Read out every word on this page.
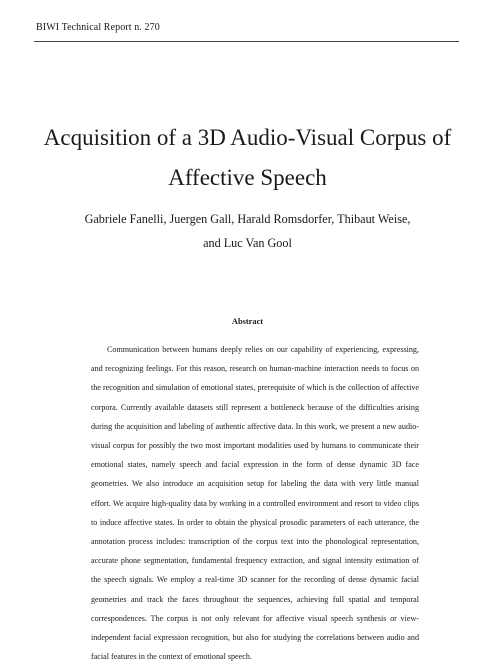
BIWI Technical Report n. 270
Acquisition of a 3D Audio-Visual Corpus of
Affective Speech
Gabriele Fanelli, Juergen Gall, Harald Romsdorfer, Thibaut Weise,
and Luc Van Gool
Abstract

Communication between humans deeply relies on our capability of experiencing, expressing, and recognizing feelings. For this reason, research on human-machine interaction needs to focus on the recognition and simulation of emotional states, prerequisite of which is the collection of affective corpora. Currently available datasets still represent a bottleneck because of the difficulties arising during the acquisition and labeling of authentic affective data. In this work, we present a new audio-visual corpus for possibly the two most important modalities used by humans to communicate their emotional states, namely speech and facial expression in the form of dense dynamic 3D face geometries. We also introduce an acquisition setup for labeling the data with very little manual effort. We acquire high-quality data by working in a controlled environment and resort to video clips to induce affective states. In order to obtain the physical prosodic parameters of each utterance, the annotation process includes: transcription of the corpus text into the phonological representation, accurate phone segmentation, fundamental frequency extraction, and signal intensity estimation of the speech signals. We employ a real-time 3D scanner for the recording of dense dynamic facial geometries and track the faces throughout the sequences, achieving full spatial and temporal correspondences. The corpus is not only relevant for affective visual speech synthesis or view-independent facial expression recognition, but also for studying the correlations between audio and facial features in the context of emotional speech.
